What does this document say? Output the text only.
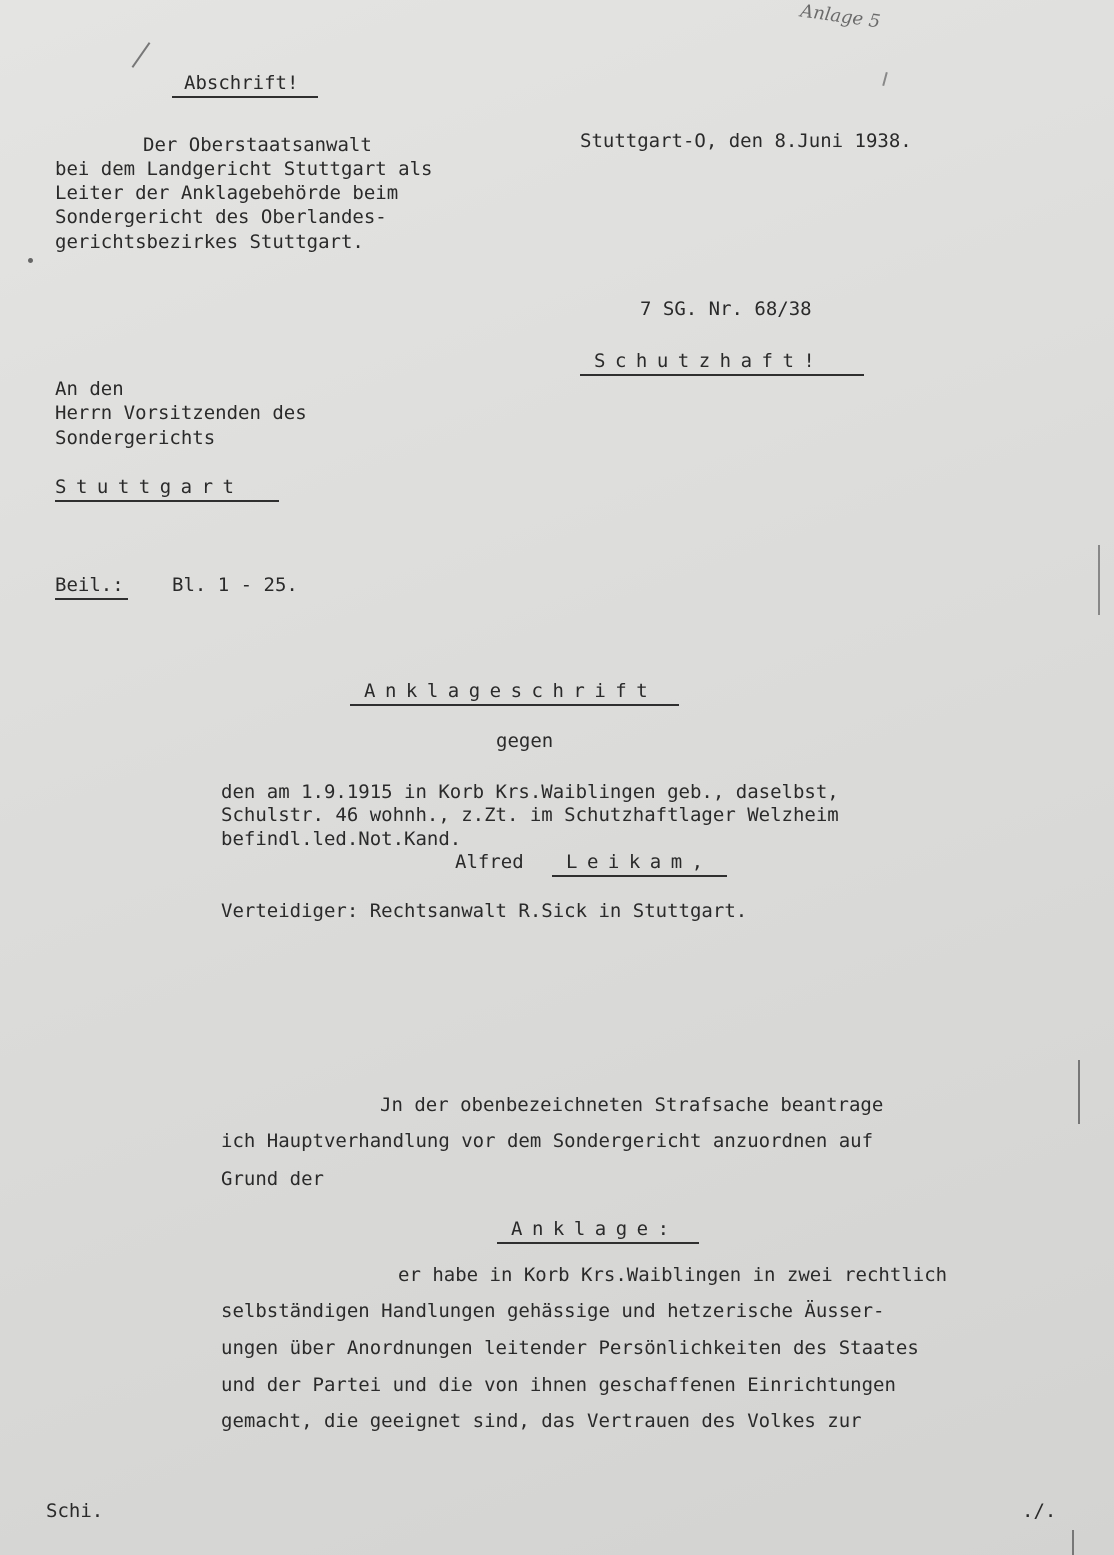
Anlage 5
Abschrift!
Der Oberstaatsanwalt
bei dem Landgericht Stuttgart als
Leiter der Anklagebehörde beim
Sondergericht des Oberlandes-
gerichtsbezirkes Stuttgart.
Stuttgart-O, den 8.Juni 1938.
7 SG. Nr. 68/38
Schutzhaft!
An den
Herrn Vorsitzenden des
Sondergerichts
Stuttgart
Beil.:	Bl. 1 - 25.
Anklageschrift
gegen
den am 1.9.1915 in Korb Krs.Waiblingen geb., daselbst,
Schulstr. 46 wohnh., z.Zt. im Schutzhaftlager Welzheim
befindl.led.Not.Kand.
Alfred	Leikam,
Verteidiger: Rechtsanwalt R.Sick in Stuttgart.
Jn der obenbezeichneten Strafsache beantrage
ich Hauptverhandlung vor dem Sondergericht anzuordnen auf
Grund der
Anklage:
er habe in Korb Krs.Waiblingen in zwei rechtlich
selbständigen Handlungen gehässige und hetzerische Äusser-
ungen über Anordnungen leitender Persönlichkeiten des Staates
und der Partei und die von ihnen geschaffenen Einrichtungen
gemacht, die geeignet sind, das Vertrauen des Volkes zur
Schi.	./.
